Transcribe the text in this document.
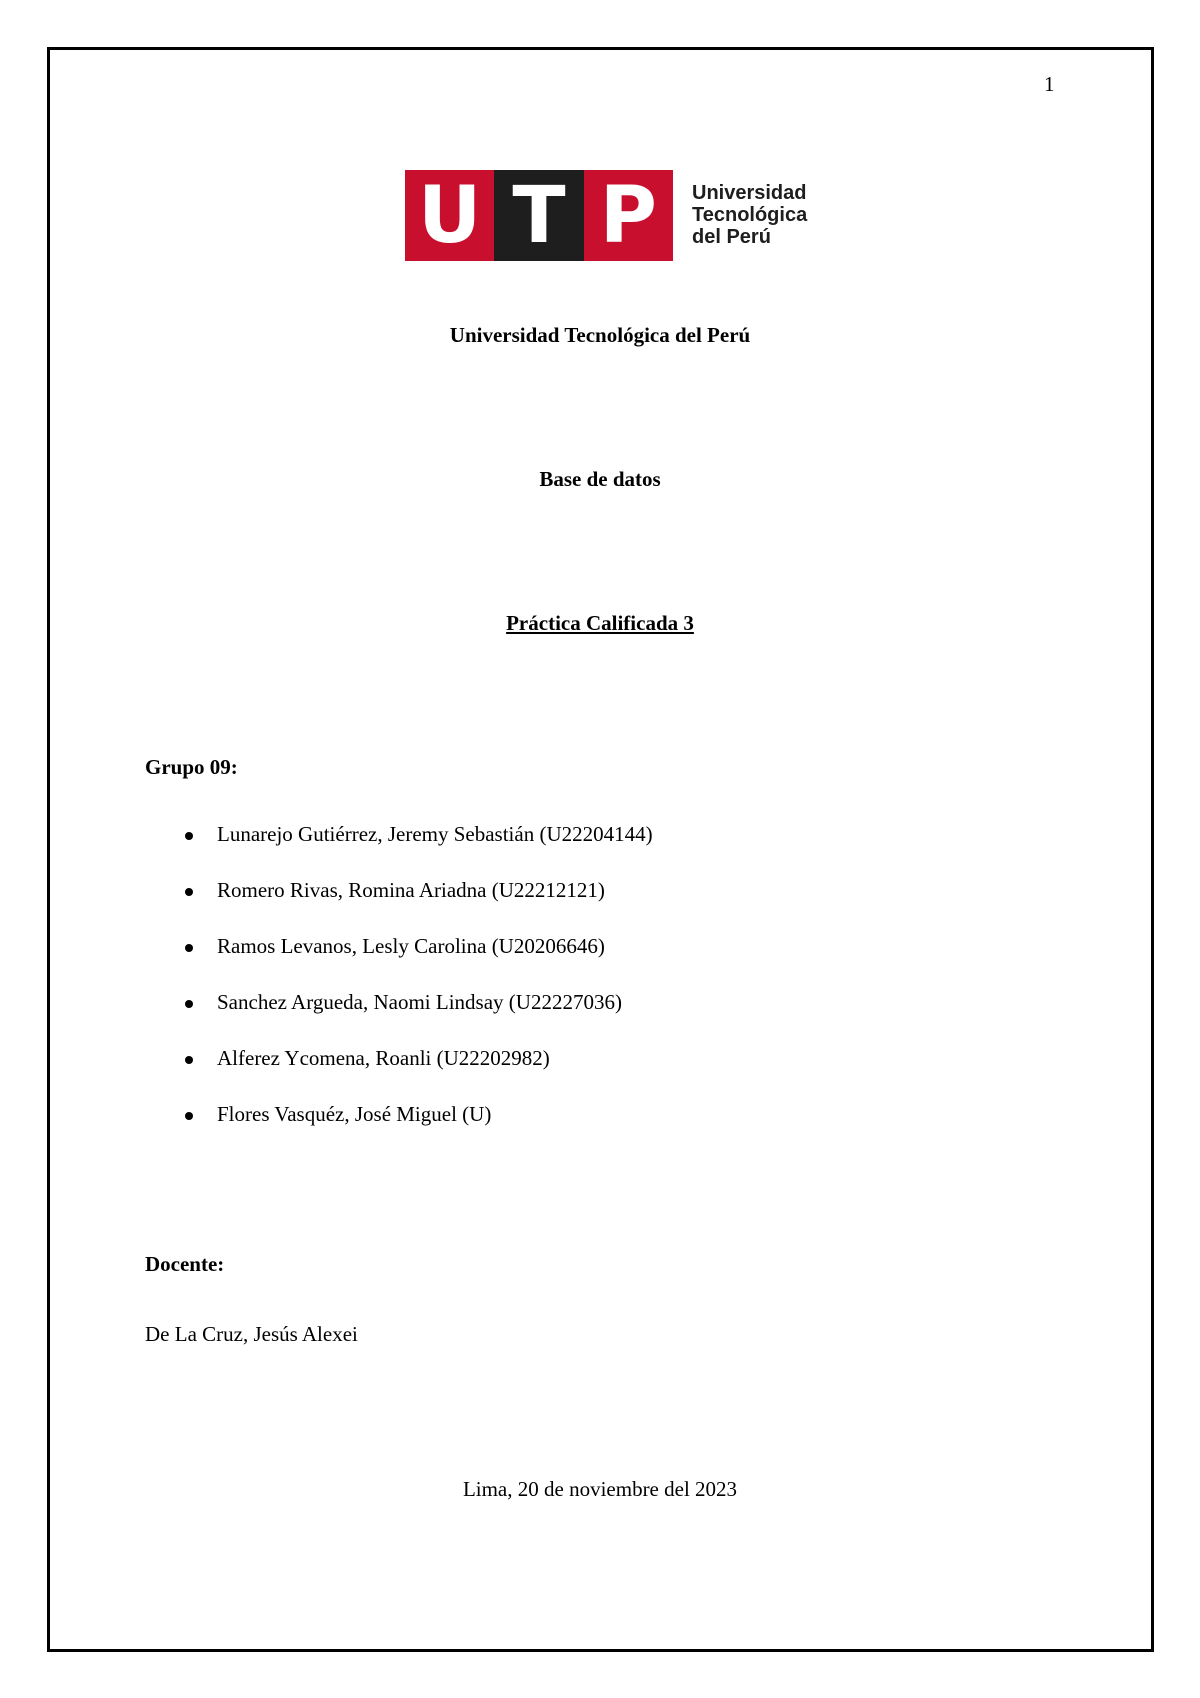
1
U T P	Universidad
Tecnológica
del Perú
Universidad Tecnológica del Perú
Base de datos
Práctica Calificada 3
Grupo 09:
Lunarejo Gutiérrez, Jeremy Sebastián (U22204144)
Romero Rivas, Romina Ariadna (U22212121)
Ramos Levanos, Lesly Carolina (U20206646)
Sanchez Argueda, Naomi Lindsay (U22227036)
Alferez Ycomena, Roanli (U22202982)
Flores Vasquéz, José Miguel (U)
Docente:
De La Cruz, Jesús Alexei
Lima, 20 de noviembre del 2023
